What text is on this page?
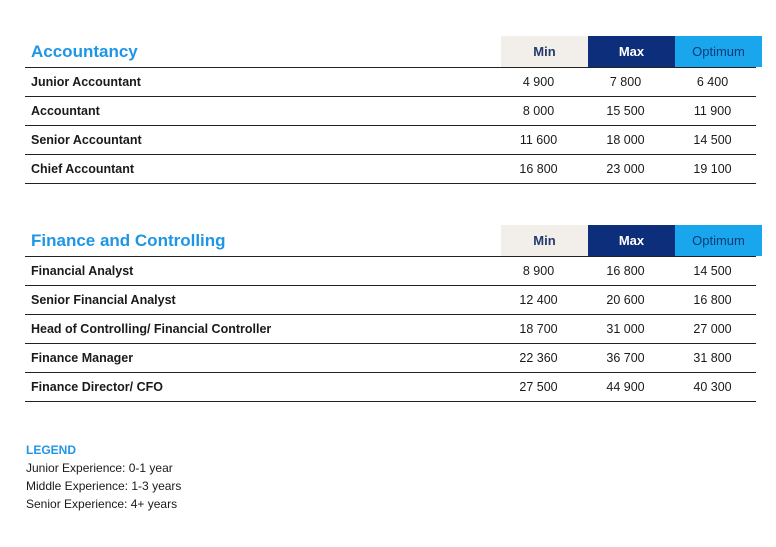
Accountancy	Min	Max	Optimum
Junior Accountant	4 900	7 800	6 400
Accountant	8 000	15 500	11 900
Senior Accountant	11 600	18 000	14 500
Chief Accountant	16 800	23 000	19 100
Finance and Controlling	Min	Max	Optimum
Financial Analyst	8 900	16 800	14 500
Senior Financial Analyst	12 400	20 600	16 800
Head of Controlling/ Financial Controller	18 700	31 000	27 000
Finance Manager	22 360	36 700	31 800
Finance Director/ CFO	27 500	44 900	40 300
LEGEND
Junior Experience: 0-1 year
Middle Experience: 1-3 years
Senior Experience: 4+ years
